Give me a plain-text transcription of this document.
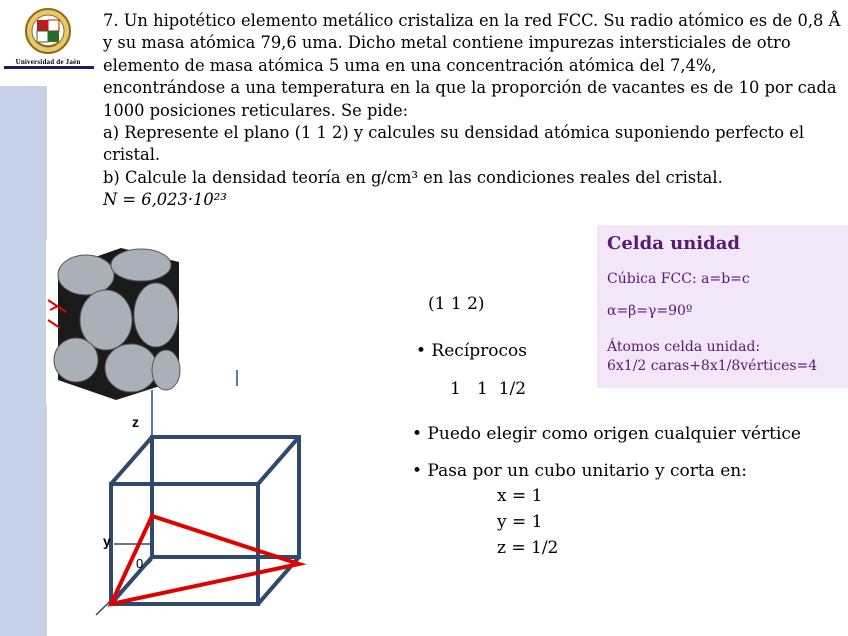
Universidad de Jaén

7. Un hipotético elemento metálico cristaliza en la red FCC. Su radio atómico es de 0,8 Å y su masa atómica 79,6 uma. Dicho metal contiene impurezas intersticiales de otro elemento de masa atómica 5 uma en una concentración atómica del 7,4%, encontrándose a una temperatura en la que la proporción de vacantes es de 10 por cada 1000 posiciones reticulares. Se pide:

a) Represente el plano (1 1 2) y calcules su densidad atómica suponiendo perfecto el cristal.

b) Calcule la densidad teoría en g/cm³ en las condiciones reales del cristal.

N = 6,023·10²³

z
y
0
Celda unidad
Cúbica FCC: a=b=c
α=β=γ=90º
Átomos celda unidad:
6x1/2 caras+8x1/8vértices=4
(1 1 2)
• Recíprocos
1   1  1/2
• Puedo elegir como origen cualquier vértice
• Pasa por un cubo unitario y corta en:
x = 1
y = 1
z = 1/2
